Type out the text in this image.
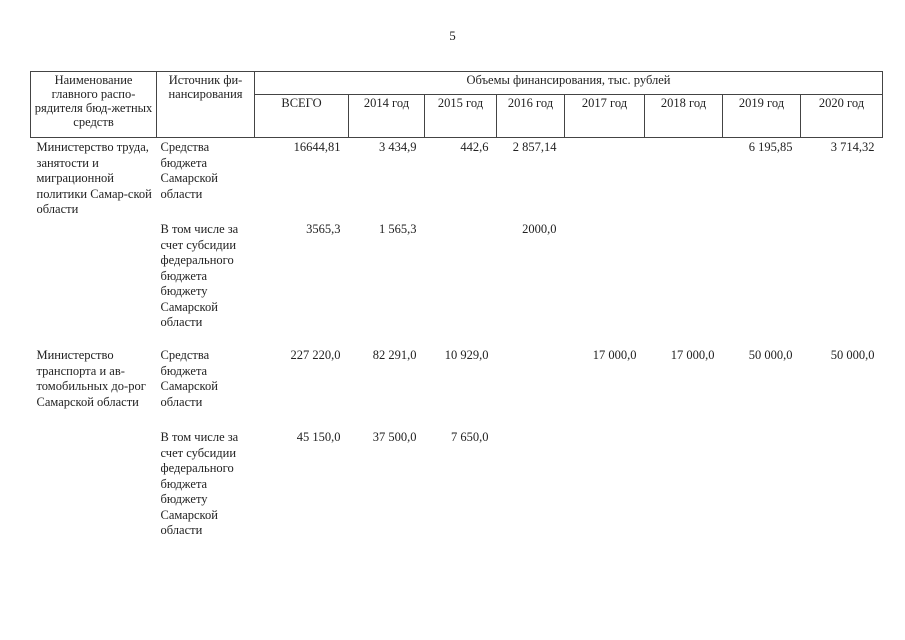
5
Наименование главного распо-рядителя бюд-жетных средств	Источник фи-нансирования	Объемы финансирования, тыс. рублей							
		ВСЕГО	2014 год	2015 год	2016 год	2017 год	2018 год	2019 год	2020 год
Министерство труда, занятости и миграционной политики Самар-ской области	Средства бюджета Самарской области	16644,81	3 434,9	442,6	2 857,14			6 195,85	3 714,32
	В том числе за счет субсидии федерального бюджета бюджету Самарской области	3565,3	1 565,3		2000,0				
Министерство транспорта и ав-томобильных до-рог Самарской области	Средства бюджета Самарской области	227 220,0	82 291,0	10 929,0		17 000,0	17 000,0	50 000,0	50 000,0
	В том числе за счет субсидии федерального бюджета бюджету Самарской области	45 150,0	37 500,0	7 650,0					
